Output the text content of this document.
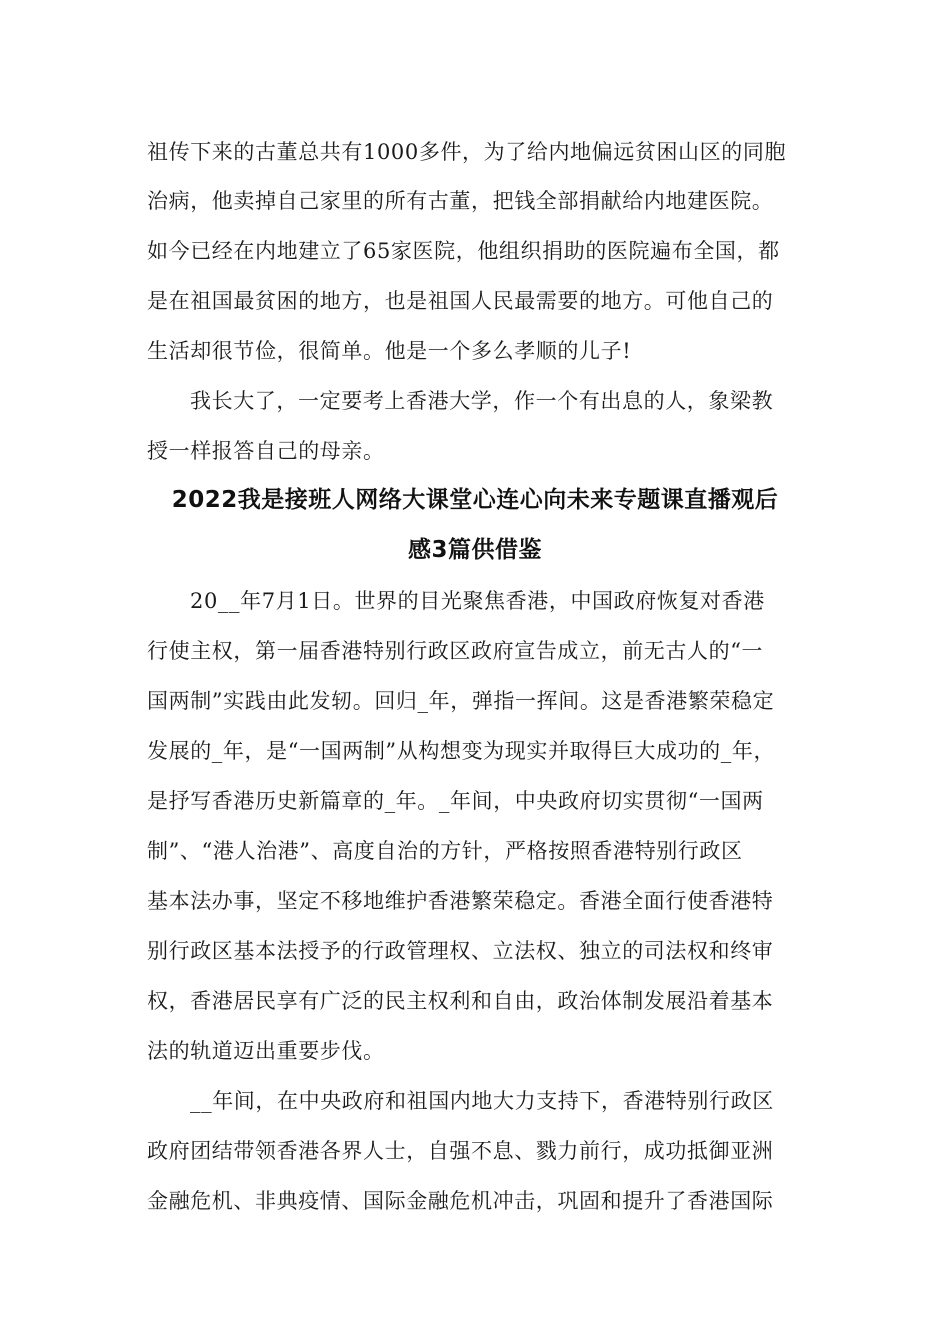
祖传下来的古董总共有1000多件，为了给内地偏远贫困山区的同胞
治病，他卖掉自己家里的所有古董，把钱全部捐献给内地建医院。
如今已经在内地建立了65家医院，他组织捐助的医院遍布全国，都
是在祖国最贫困的地方，也是祖国人民最需要的地方。可他自己的
生活却很节俭，很简单。他是一个多么孝顺的儿子!
我长大了，一定要考上香港大学，作一个有出息的人，象梁教
授一样报答自己的母亲。
2022我是接班人网络大课堂心连心向未来专题课直播观后
感3篇供借鉴
20__年7月1日。世界的目光聚焦香港，中国政府恢复对香港
行使主权，第一届香港特别行政区政府宣告成立，前无古人的“一
国两制”实践由此发轫。回归_年，弹指一挥间。这是香港繁荣稳定
发展的_年，是“一国两制”从构想变为现实并取得巨大成功的_年，
是抒写香港历史新篇章的_年。_年间，中央政府切实贯彻“一国两
制”、“港人治港”、高度自治的方针，严格按照香港特别行政区
基本法办事，坚定不移地维护香港繁荣稳定。香港全面行使香港特
别行政区基本法授予的行政管理权、立法权、独立的司法权和终审
权，香港居民享有广泛的民主权利和自由，政治体制发展沿着基本
法的轨道迈出重要步伐。
__年间，在中央政府和祖国内地大力支持下，香港特别行政区
政府团结带领香港各界人士，自强不息、戮力前行，成功抵御亚洲
金融危机、非典疫情、国际金融危机冲击，巩固和提升了香港国际
